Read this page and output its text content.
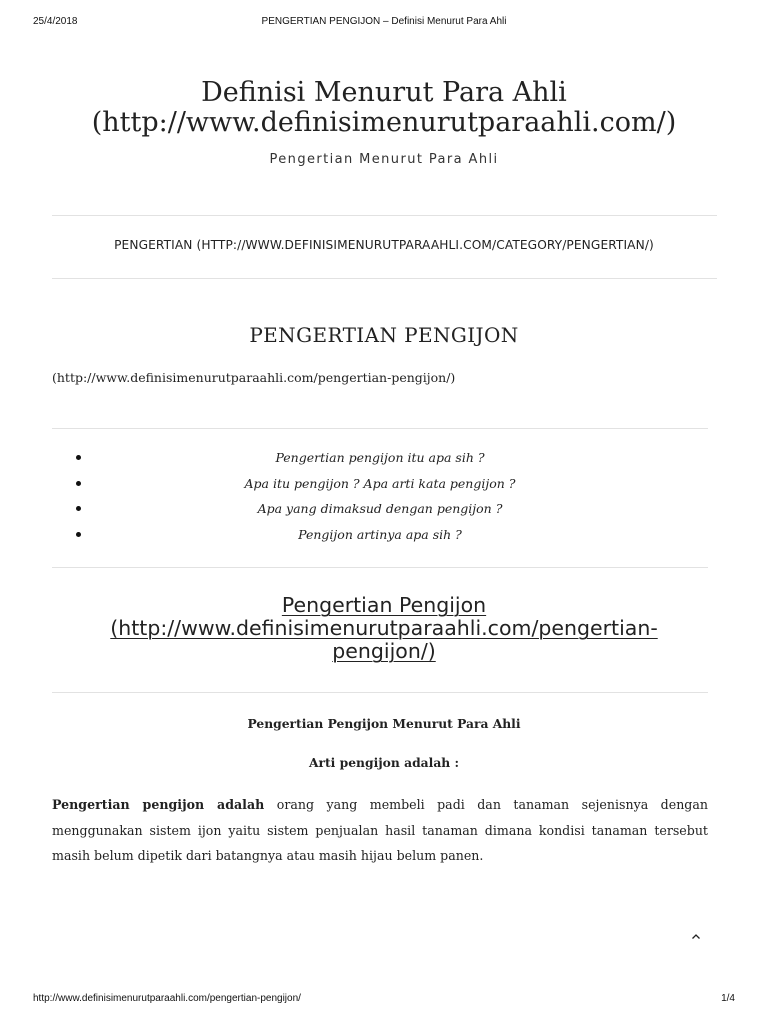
25/4/2018	PENGERTIAN PENGIJON – Definisi Menurut Para Ahli
Definisi Menurut Para Ahli
(http://www.definisimenurutparaahli.com/)
Pengertian Menurut Para Ahli
PENGERTIAN (HTTP://WWW.DEFINISIMENURUTPARAAHLI.COM/CATEGORY/PENGERTIAN/)
PENGERTIAN PENGIJON
(http://www.definisimenurutparaahli.com/pengertian-pengijon/)
Pengertian pengijon itu apa sih ?
Apa itu pengijon ? Apa arti kata pengijon ?
Apa yang dimaksud dengan pengijon ?
Pengijon artinya apa sih ?
Pengertian Pengijon
(http://www.definisimenurutparaahli.com/pengertian-
pengijon/)
Pengertian Pengijon Menurut Para Ahli
Arti pengijon adalah :
Pengertian pengijon adalah orang yang membeli padi dan tanaman sejenisnya dengan menggunakan sistem ijon yaitu sistem penjualan hasil tanaman dimana kondisi tanaman tersebut masih belum dipetik dari batangnya atau masih hijau belum panen.
http://www.definisimenurutparaahli.com/pengertian-pengijon/	1/4
